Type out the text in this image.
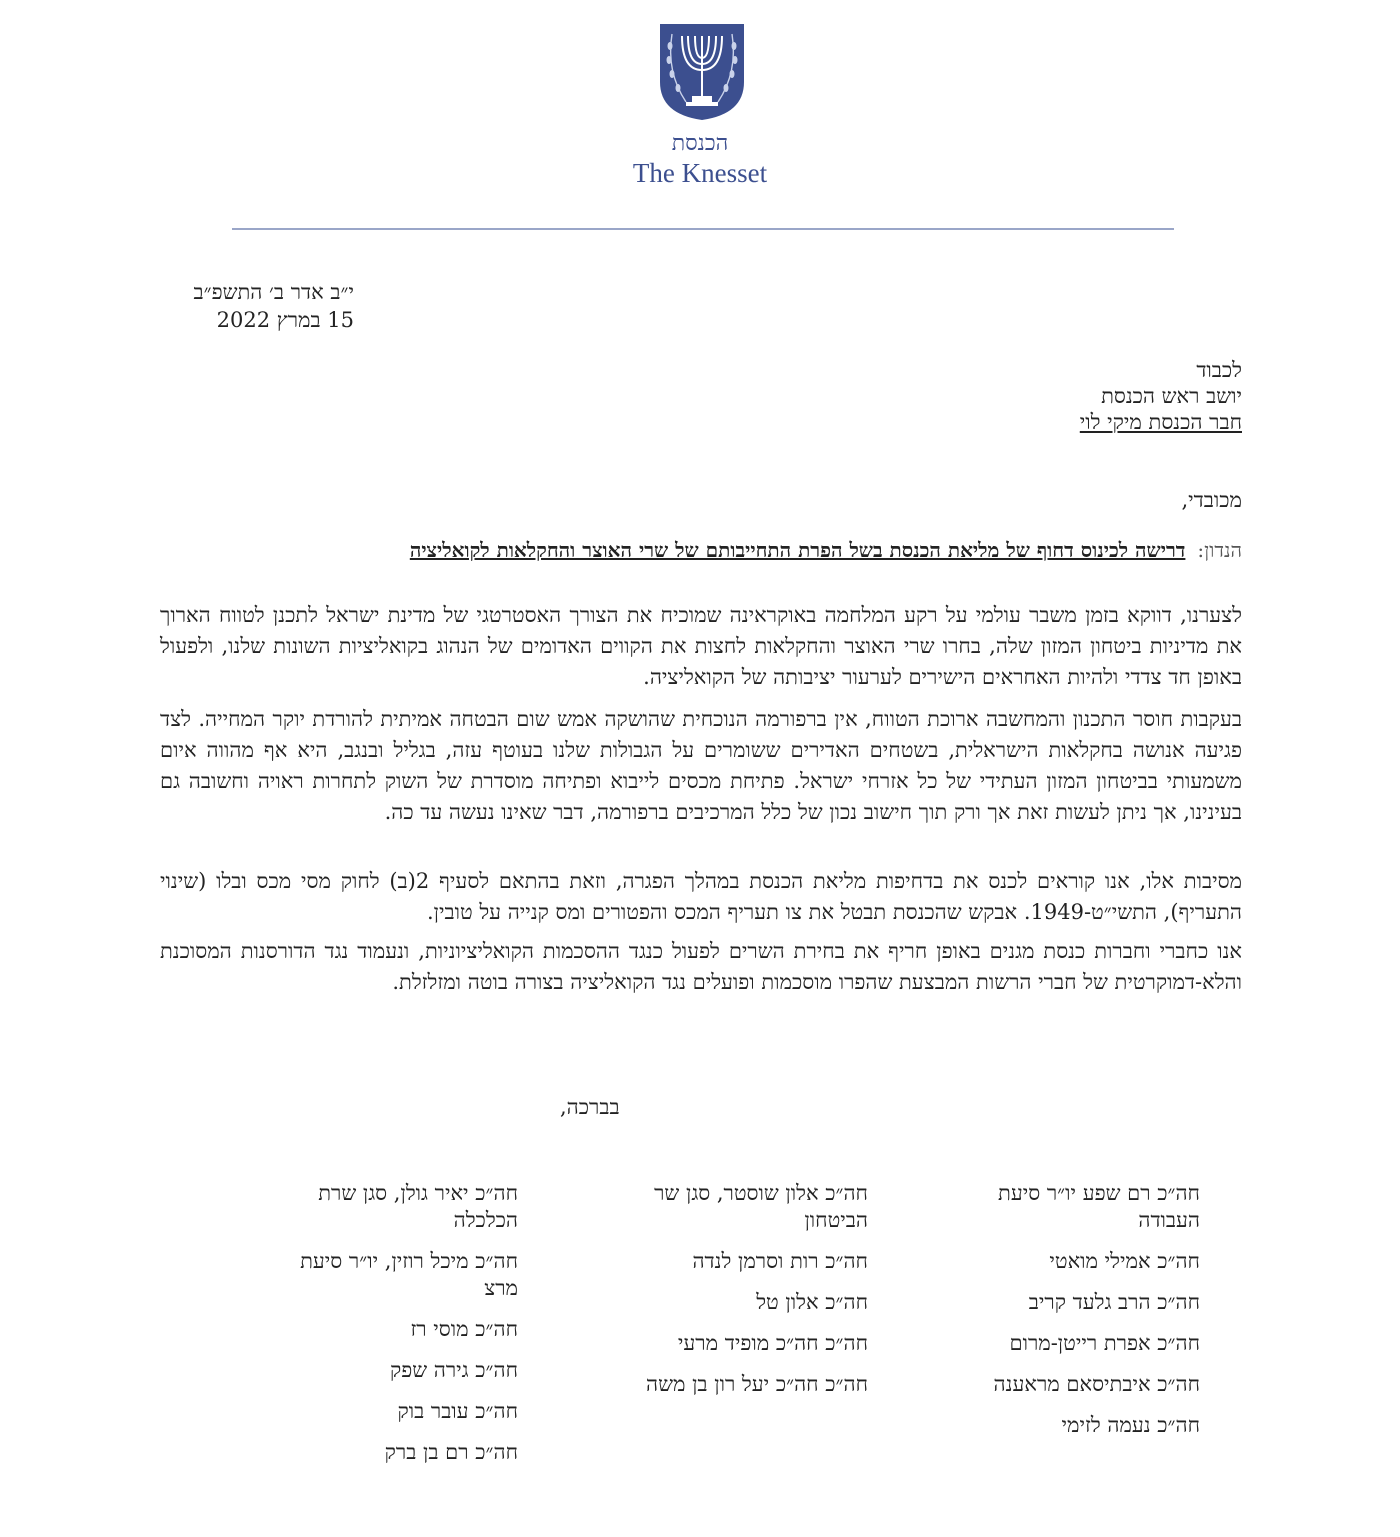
הכנסת
The Knesset
י״ב אדר ב׳ התשפ״ב
15 במרץ 2022
לכבוד
יושב ראש הכנסת
חבר הכנסת מיקי לוי
מכובדי,
הנדון:דרישה לכינוס דחוף של מליאת הכנסת בשל הפרת התחייבותם של שרי האוצר והחקלאות לקואליציה
לצערנו, דווקא בזמן משבר עולמי על רקע המלחמה באוקראינה שמוכיח את הצורך האסטרטגי של מדינת ישראל לתכנן לטווח הארוך את מדיניות ביטחון המזון שלה, בחרו שרי האוצר והחקלאות לחצות את הקווים האדומים של הנהוג בקואליציות השונות שלנו, ולפעול באופן חד צדדי ולהיות האחראים הישירים לערעור יציבותה של הקואליציה.
בעקבות חוסר התכנון והמחשבה ארוכת הטווח, אין ברפורמה הנוכחית שהושקה אמש שום הבטחה אמיתית להורדת יוקר המחייה. לצד פגיעה אנושה בחקלאות הישראלית, בשטחים האדירים ששומרים על הגבולות שלנו בעוטף עזה, בגליל ובנגב, היא אף מהווה איום משמעותי בביטחון המזון העתידי של כל אזרחי ישראל. פתיחת מכסים לייבוא ופתיחה מוסדרת של השוק לתחרות ראויה וחשובה גם בעינינו, אך ניתן לעשות זאת אך ורק תוך חישוב נכון של כלל המרכיבים ברפורמה, דבר שאינו נעשה עד כה.
מסיבות אלו, אנו קוראים לכנס את בדחיפות מליאת הכנסת במהלך הפגרה, וזאת בהתאם לסעיף 2(ב) לחוק מסי מכס ובלו (שינוי התעריף), התשי״ט-1949. אבקש שהכנסת תבטל את צו תעריף המכס והפטורים ומס קנייה על טובין.
אנו כחברי וחברות כנסת מגנים באופן חריף את בחירת השרים לפעול כנגד ההסכמות הקואליציוניות, ונעמוד נגד הדורסנות המסוכנת והלא-דמוקרטית של חברי הרשות המבצעת שהפרו מוסכמות ופועלים נגד הקואליציה בצורה בוטה ומזלזלת.
בברכה,

חה״כ רם שפע יו״ר סיעת העבודה

חה״כ אמילי מואטי

חה״כ הרב גלעד קריב

חה״כ אפרת רייטן-מרום

חה״כ איבתיסאם מראענה

חה״כ נעמה לזימי

חה״כ אלון שוסטר, סגן שר הביטחון

חה״כ רות וסרמן לנדה

חה״כ אלון טל

חה״כ חה״כ מופיד מרעי

חה״כ חה״כ יעל רון בן משה

חה״כ יאיר גולן, סגן שרת הכלכלה

חה״כ מיכל רוזין, יו״ר סיעת מרצ

חה״כ מוסי רז

חה״כ גירה שפק

חה״כ עובר בוק

חה״כ רם בן ברק
